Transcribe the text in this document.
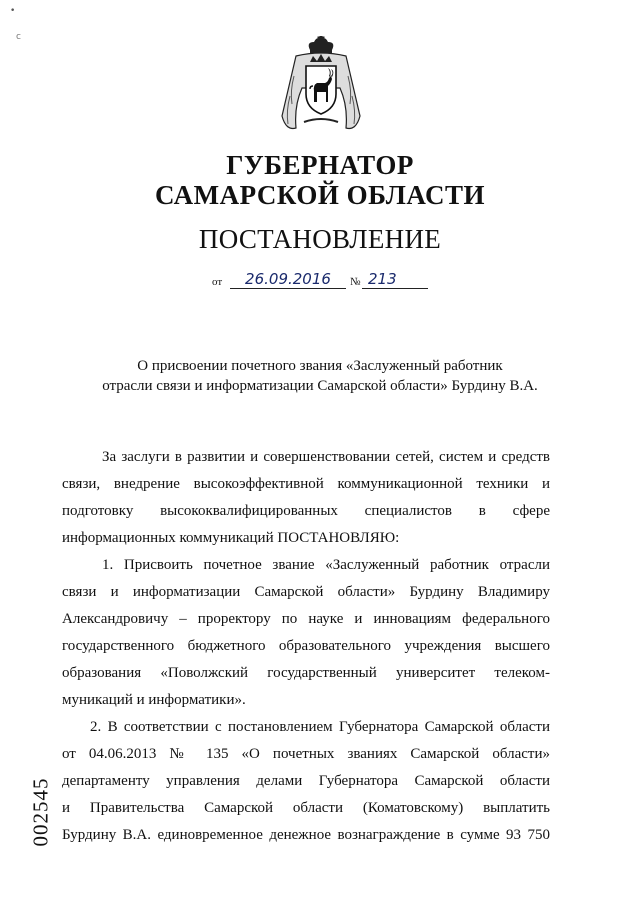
•
ⅽ
ГУБЕРНАТОР
САМАРСКОЙ ОБЛАСТИ
ПОСТАНОВЛЕНИЕ
от	26.09.2016	№ 213
О присвоении почетного звания «Заслуженный работник
отрасли связи и информатизации Самарской области» Бурдину В.А.
За заслуги в развитии и совершенствовании сетей, систем и средств
связи, внедрение высокоэффективной коммуникационной техники и
подготовку высококвалифицированных специалистов в сфере
информационных коммуникаций ПОСТАНОВЛЯЮ:
1. Присвоить почетное звание «Заслуженный работник отрасли
связи и информатизации Самарской области» Бурдину Владимиру
Александровичу – проректору по науке и инновациям федерального
государственного бюджетного образовательного учреждения высшего
образования «Поволжский государственный университет телеком-
муникаций и информатики».
2. В соответствии с постановлением Губернатора Самарской области
от 04.06.2013 № 135 «О почетных званиях Самарской области»
департаменту управления делами Губернатора Самарской области
и Правительства Самарской области (Коматовскому) выплатить
Бурдину В.А. единовременное денежное вознаграждение в сумме 93 750
002545
